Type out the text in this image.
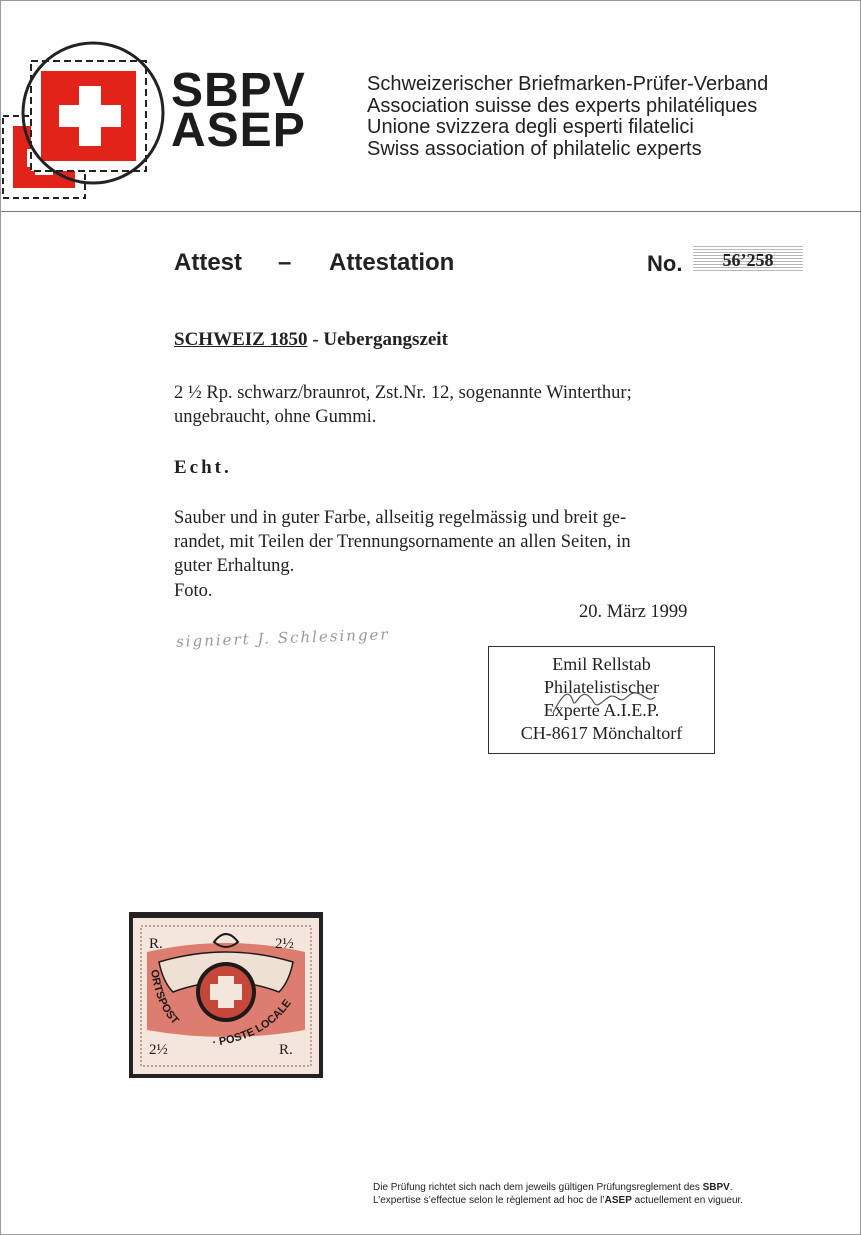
SBPV
ASEP
Schweizerischer Briefmarken-Prüfer-Verband
Association suisse des experts philatéliques
Unione svizzera degli esperti filatelici
Swiss association of philatelic experts
Attest – Attestation	No.	56’258
SCHWEIZ 1850 - Uebergangszeit
2 ½ Rp. schwarz/braunrot, Zst.Nr. 12, sogenannte Winterthur;
ungebraucht, ohne Gummi.
Echt.
Sauber und in guter Farbe, allseitig regelmässig und breit ge-
randet, mit Teilen der Trennungsornamente an allen Seiten, in
guter Erhaltung.
Foto.
20. März 1999
signiert J. Schlesinger
Emil Rellstab
Philatelistischer
Experte A.I.E.P.
CH-8617 Mönchaltorf
R.	2½
2½	R.
ORTSPOST
· POSTE LOCALE
Die Prüfung richtet sich nach dem jeweils gültigen Prüfungsreglement des SBPV.
L’expertise s’effectue selon le règlement ad hoc de l’ASEP actuellement en vigueur.
